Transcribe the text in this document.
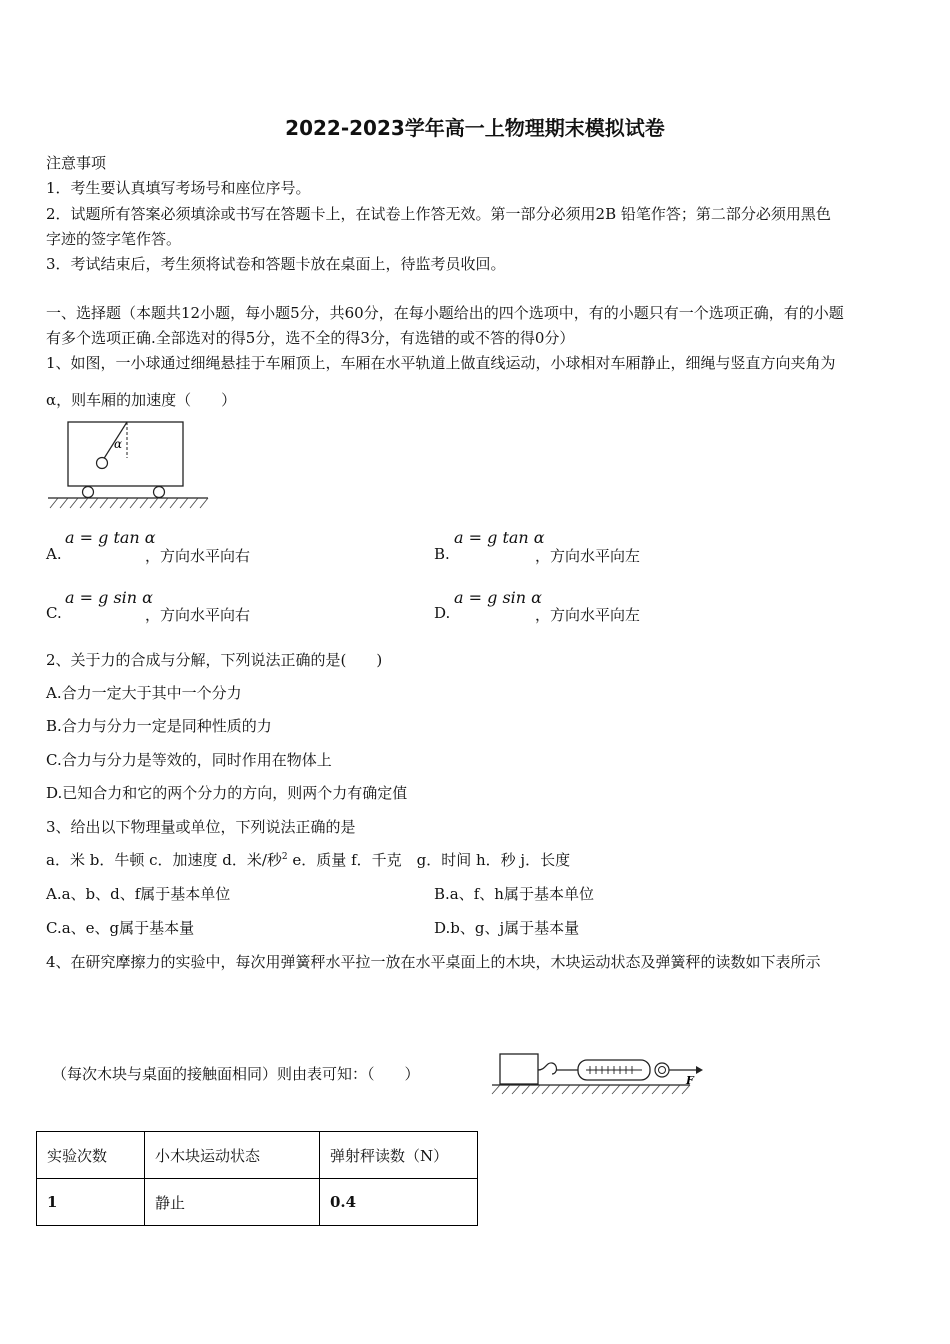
2022-2023学年高一上物理期末模拟试卷
注意事项
1．考生要认真填写考场号和座位序号。
2．试题所有答案必须填涂或书写在答题卡上，在试卷上作答无效。第一部分必须用2B 铅笔作答；第二部分必须用黑色
字迹的签字笔作答。
3．考试结束后，考生须将试卷和答题卡放在桌面上，待监考员收回。
一、选择题（本题共12小题，每小题5分，共60分，在每小题给出的四个选项中，有的小题只有一个选项正确，有的小题
有多个选项正确.全部选对的得5分，选不全的得3分，有选错的或不答的得0分）
1、如图，一小球通过细绳悬挂于车厢顶上，车厢在水平轨道上做直线运动，小球相对车厢静止，细绳与竖直方向夹角为
α，则车厢的加速度（　　）
α
A.
a = g tan α
，方向水平向右	B.
a = g tan α
，方向水平向左
C.
a = g sin α
，方向水平向右	D.
a = g sin α
，方向水平向左
2、关于力的合成与分解，下列说法正确的是(　　)
A.合力一定大于其中一个分力
B.合力与分力一定是同种性质的力
C.合力与分力是等效的，同时作用在物体上
D.已知合力和它的两个分力的方向，则两个力有确定值
3、给出以下物理量或单位，下列说法正确的是
a．米 b．牛顿 c．加速度 d．米/秒$^2$ e．质量 f．千克　g．时间 h．秒 j．长度
A.a、b、d、f属于基本单位	B.a、f、h属于基本单位
C.a、e、g属于基本量	D.b、g、j属于基本量
4、在研究摩擦力的实验中，每次用弹簧秤水平拉一放在水平桌面上的木块，木块运动状态及弹簧秤的读数如下表所示
（每次木块与桌面的接触面相同）则由表可知：（　　）	F
实验次数	小木块运动状态	弹射秤读数（N）
1	静止	0.4
